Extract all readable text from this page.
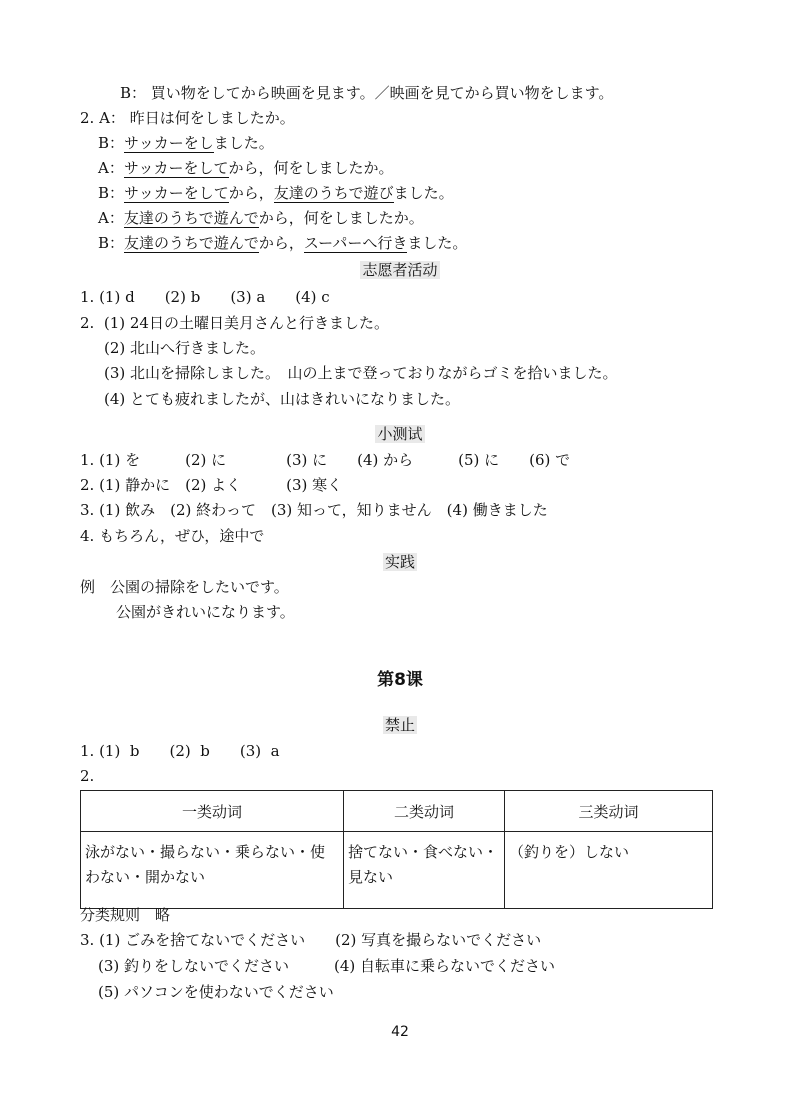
B： 買い物をしてから映画を見ます。／映画を見てから買い物をします。
2. A： 昨日は何をしましたか。
B：サッカーをしました。
A：サッカーをしてから，何をしましたか。
B：サッカーをしてから，友達のうちで遊びました。
A：友達のうちで遊んでから，何をしましたか。
B：友達のうちで遊んでから，スーパーへ行きました。
志愿者活动
1. (1) d　　(2) b　　(3) a　　(4) c
2.  (1) 24日の土曜日美月さんと行きました。
(2) 北山へ行きました。
(3) 北山を掃除しました。　山の上まで登っておりながらゴミを拾いました。
(4) とても疲れましたが、山はきれいになりました。
小测试
1. (1) を　　　(2) に　　　　(3) に　　(4) から　　　(5) に　　(6) で
2. (1) 静かに　(2) よく　　　(3) 寒く
3. (1) 飲み　(2) 終わって　(3) 知って，知りません　(4) 働きました
4. もちろん，ぜひ，途中で
实践
例　公園の掃除をしたいです。
公園がきれいになります。
第8课
禁止
1. (1)  b　　(2)  b　　(3)  a
2.
一类动词	二类动词	三类动词
泳がない・撮らない・乗らない・使わない・開かない	捨てない・食べない・見ない	（釣りを）しない
分类规则　略
3. (1) ごみを捨てないでください　　(2) 写真を撮らないでください
(3) 釣りをしないでください　　　(4) 自転車に乗らないでください
(5) パソコンを使わないでください
42
